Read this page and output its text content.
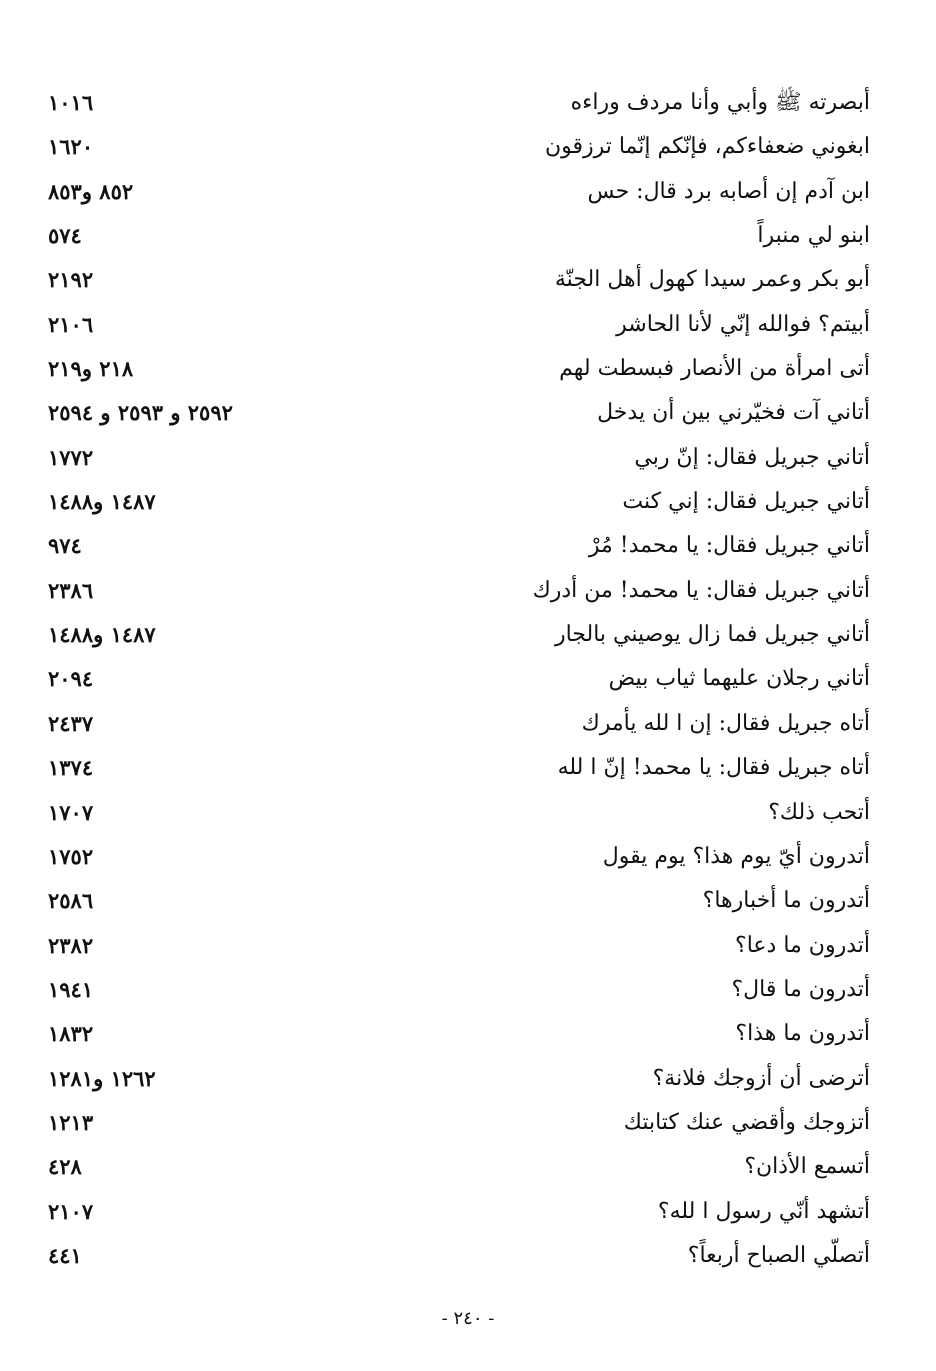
أبصرته ﷺ وأبي وأنا مردف وراءه
١٠١٦
ابغوني ضعفاءكم، فإنّكم إنّما ترزقون
١٦٢٠
ابن آدم إن أصابه برد قال: حس
٨٥٢ و٨٥٣
ابنو لي منبراً
٥٧٤
أبو بكر وعمر سيدا كهول أهل الجنّة
٢١٩٢
أبيتم؟ فوالله إنّي لأنا الحاشر
٢١٠٦
أتى امرأة من الأنصار فبسطت لهم
٢١٨ و٢١٩
أتاني آت فخيّرني بين أن يدخل
٢٥٩٢ و ٢٥٩٣ و ٢٥٩٤
أتاني جبريل فقال: إنّ ربي
١٧٧٢
أتاني جبريل فقال: إني كنت
١٤٨٧ و١٤٨٨
أتاني جبريل فقال: يا محمد! مُرْ
٩٧٤
أتاني جبريل فقال: يا محمد! من أدرك
٢٣٨٦
أتاني جبريل فما زال يوصيني بالجار
١٤٨٧ و١٤٨٨
أتاني رجلان عليهما ثياب بيض
٢٠٩٤
أتاه جبريل فقال: إن ا لله يأمرك
٢٤٣٧
أتاه جبريل فقال: يا محمد! إنّ ا لله
١٣٧٤
أتحب ذلك؟
١٧٠٧
أتدرون أيّ يوم هذا؟ يوم يقول
١٧٥٢
أتدرون ما أخبارها؟
٢٥٨٦
أتدرون ما دعا؟
٢٣٨٢
أتدرون ما قال؟
١٩٤١
أتدرون ما هذا؟
١٨٣٢
أترضى أن أزوجك فلانة؟
١٢٦٢ و١٢٨١
أتزوجك وأقضي عنك كتابتك
١٢١٣
أتسمع الأذان؟
٤٢٨
أتشهد أنّي رسول ا لله؟
٢١٠٧
أتصلّي الصباح أربعاً؟
٤٤١
- ٢٤٠ -
